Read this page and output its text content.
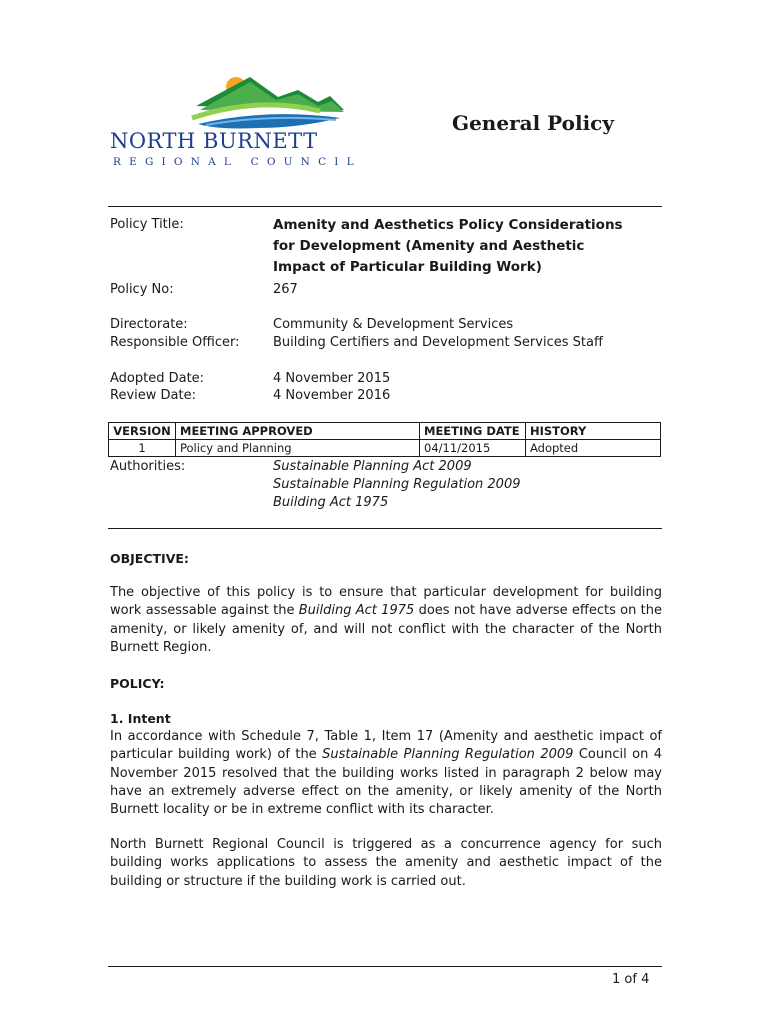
NORTH BURNETT
REGIONAL COUNCIL
General Policy
Policy Title:	Amenity and Aesthetics Policy Considerations for Development (Amenity and Aesthetic Impact of Particular Building Work)
Policy No:	267
Directorate:	Community & Development Services
Responsible Officer:	Building Certifiers and Development Services Staff
Adopted Date:	4 November 2015
Review Date:	4 November 2016
VERSION	MEETING APPROVED	MEETING DATE	HISTORY
1	Policy and Planning	04/11/2015	Adopted
Authorities:	Sustainable Planning Act 2009
Sustainable Planning Regulation 2009
Building Act 1975
OBJECTIVE:
The objective of this policy is to ensure that particular development for building work assessable against the Building Act 1975 does not have adverse effects on the amenity, or likely amenity of, and will not conflict with the character of the North Burnett Region.
POLICY:
1. Intent
In accordance with Schedule 7, Table 1, Item 17 (Amenity and aesthetic impact of particular building work) of the Sustainable Planning Regulation 2009 Council on 4 November 2015 resolved that the building works listed in paragraph 2 below may have an extremely adverse effect on the amenity, or likely amenity of the North Burnett locality or be in extreme conflict with its character.
North Burnett Regional Council is triggered as a concurrence agency for such building works applications to assess the amenity and aesthetic impact of the building or structure if the building work is carried out.
1 of 4
